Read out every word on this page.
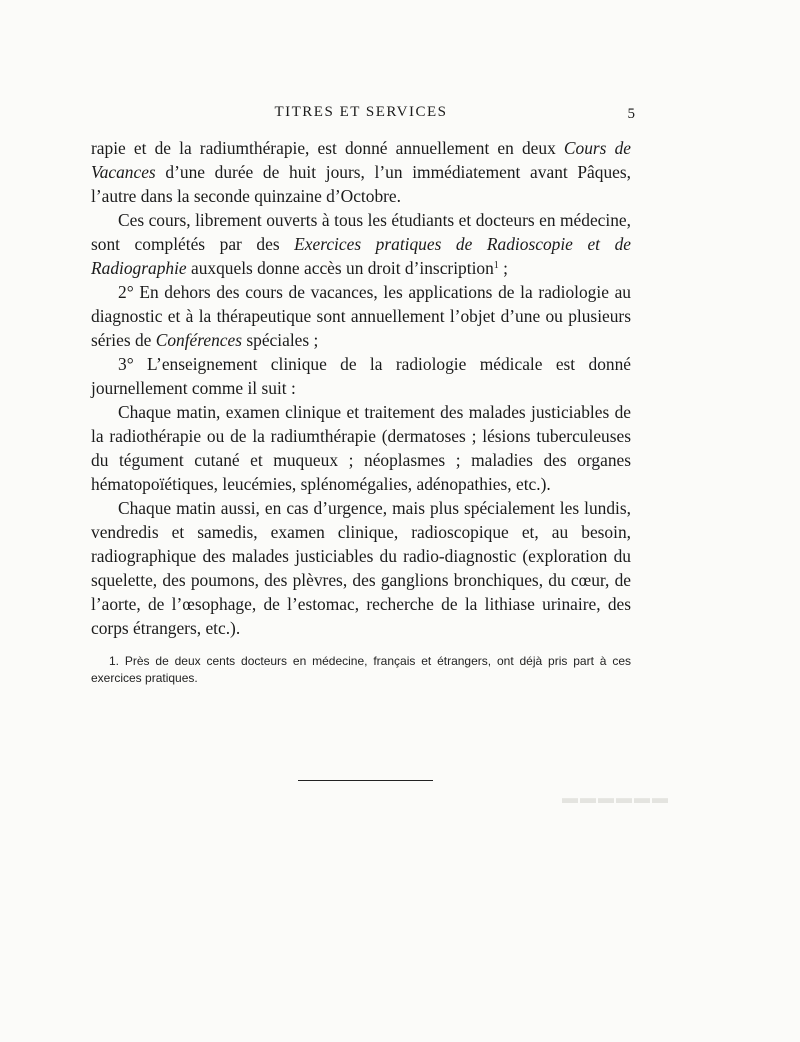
▬▬▬▬▬▬
TITRES ET SERVICES	5

rapie et de la radiumthérapie, est donné annuellement en deux Cours de Vacances d’une durée de huit jours, l’un immédiatement avant Pâques, l’autre dans la seconde quinzaine d’Octobre.

Ces cours, librement ouverts à tous les étudiants et docteurs en médecine, sont complétés par des Exercices pratiques de Radioscopie et de Radiographie auxquels donne accès un droit d’inscription$^1$ ;

2° En dehors des cours de vacances, les applications de la radiologie au diagnostic et à la thérapeutique sont annuellement l’objet d’une ou plusieurs séries de Conférences spéciales ;

3° L’enseignement clinique de la radiologie médicale est donné journellement comme il suit :

Chaque matin, examen clinique et traitement des malades justiciables de la radiothérapie ou de la radiumthérapie (dermatoses ; lésions tuberculeuses du tégument cutané et muqueux ; néoplasmes ; maladies des organes hématopoïétiques, leucémies, splénomégalies, adénopathies, etc.).

Chaque matin aussi, en cas d’urgence, mais plus spécialement les lundis, vendredis et samedis, examen clinique, radioscopique et, au besoin, radiographique des malades justiciables du radio-diagnostic (exploration du squelette, des poumons, des plèvres, des ganglions bronchiques, du cœur, de l’aorte, de l’œsophage, de l’estomac, recherche de la lithiase urinaire, des corps étrangers, etc.).

1. Près de deux cents docteurs en médecine, français et étrangers, ont déjà pris part à ces exercices pratiques.
